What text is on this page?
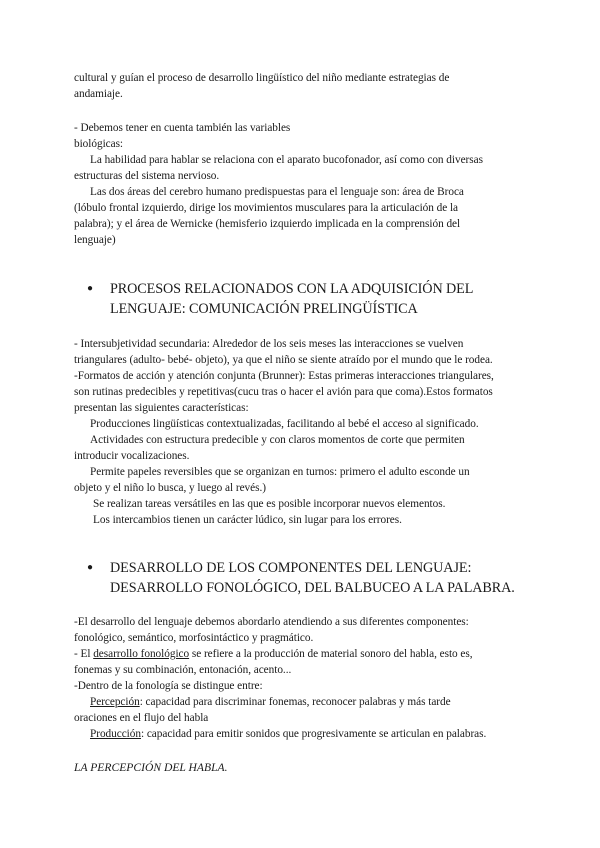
cultural y guían el proceso de desarrollo lingüístico del niño mediante estrategias de
andamiaje.
- Debemos tener en cuenta también las variables
biológicas:
La habilidad para hablar se relaciona con el aparato bucofonador, así como con diversas
estructuras del sistema nervioso.
Las dos áreas del cerebro humano predispuestas para el lenguaje son: área de Broca
(lóbulo frontal izquierdo, dirige los movimientos musculares para la articulación de la
palabra); y el área de Wernicke (hemisferio izquierdo implicada en la comprensión del
lenguaje)
● PROCESOS RELACIONADOS CON LA ADQUISICIÓN DEL
LENGUAJE: COMUNICACIÓN PRELINGÜÍSTICA
- Intersubjetividad secundaria: Alrededor de los seis meses las interacciones se vuelven
triangulares (adulto- bebé- objeto), ya que el niño se siente atraído por el mundo que le rodea.
-Formatos de acción y atención conjunta (Brunner): Estas primeras interacciones triangulares,
son rutinas predecibles y repetitivas(cucu tras o hacer el avión para que coma).Estos formatos
presentan las siguientes características:
Producciones lingüísticas contextualizadas, facilitando al bebé el acceso al significado.
Actividades con estructura predecible y con claros momentos de corte que permiten
introducir vocalizaciones.
Permite papeles reversibles que se organizan en turnos: primero el adulto esconde un
objeto y el niño lo busca, y luego al revés.)
Se realizan tareas versátiles en las que es posible incorporar nuevos elementos.
Los intercambios tienen un carácter lúdico, sin lugar para los errores.
● DESARROLLO DE LOS COMPONENTES DEL LENGUAJE:
DESARROLLO FONOLÓGICO, DEL BALBUCEO A LA PALABRA.
-El desarrollo del lenguaje debemos abordarlo atendiendo a sus diferentes componentes:
fonológico, semántico, morfosintáctico y pragmático.
- El desarrollo fonológico se refiere a la producción de material sonoro del habla, esto es,
fonemas y su combinación, entonación, acento...
-Dentro de la fonología se distingue entre:
Percepción: capacidad para discriminar fonemas, reconocer palabras y más tarde
oraciones en el flujo del habla
Producción: capacidad para emitir sonidos que progresivamente se articulan en palabras.
LA PERCEPCIÓN DEL HABLA.
